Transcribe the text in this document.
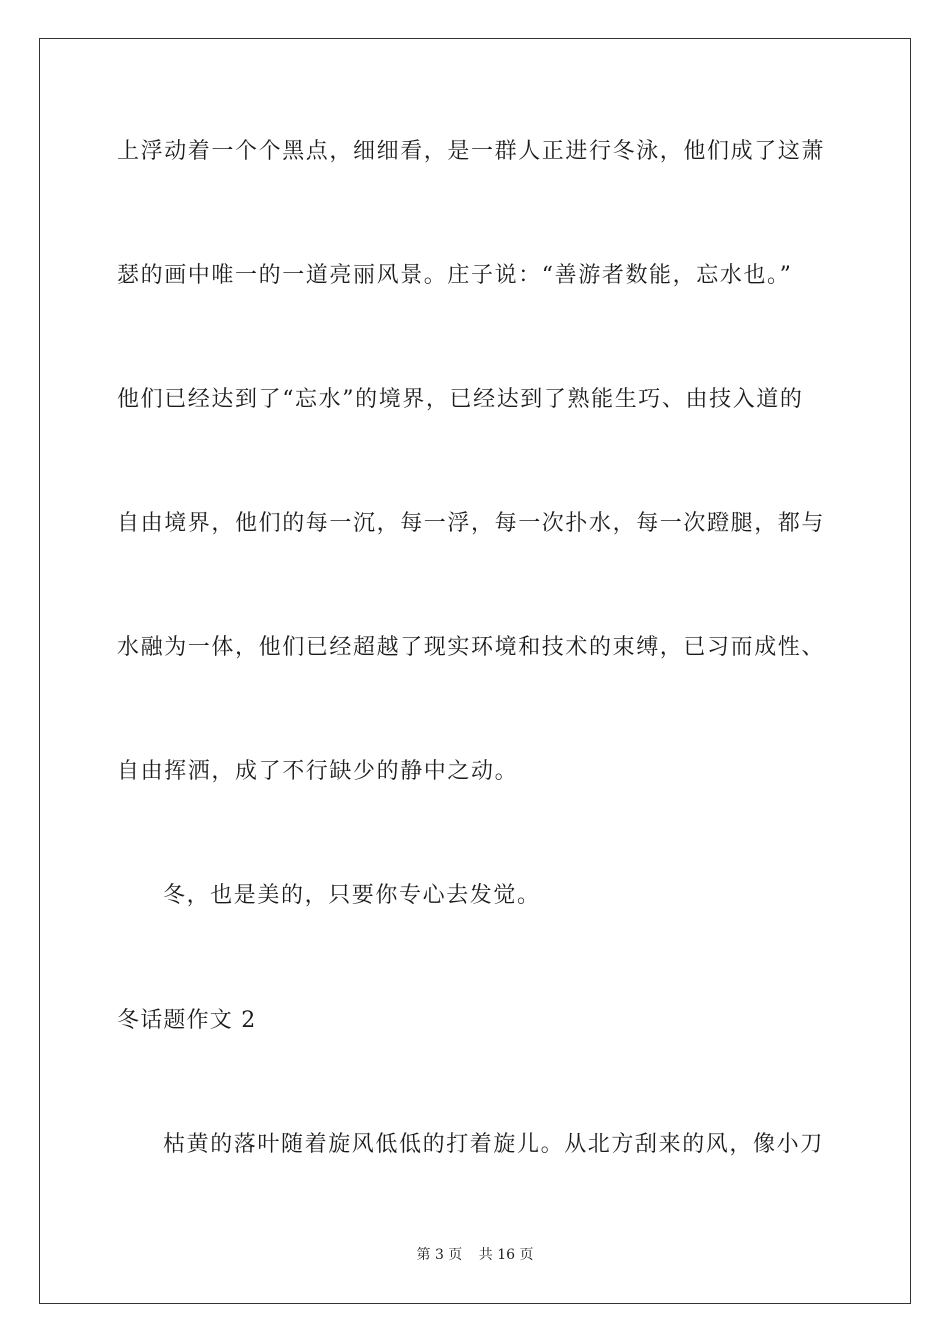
上浮动着一个个黑点，细细看，是一群人正进行冬泳，他们成了这萧
瑟的画中唯一的一道亮丽风景。庄子说：“善游者数能，忘水也。”
他们已经达到了“忘水”的境界，已经达到了熟能生巧、由技入道的
自由境界，他们的每一沉，每一浮，每一次扑水，每一次蹬腿，都与
水融为一体，他们已经超越了现实环境和技术的束缚，已习而成性、
自由挥洒，成了不行缺少的静中之动。
冬，也是美的，只要你专心去发觉。
冬话题作文 2
枯黄的落叶随着旋风低低的打着旋儿。从北方刮来的风，像小刀
第 3 页 共 16 页
